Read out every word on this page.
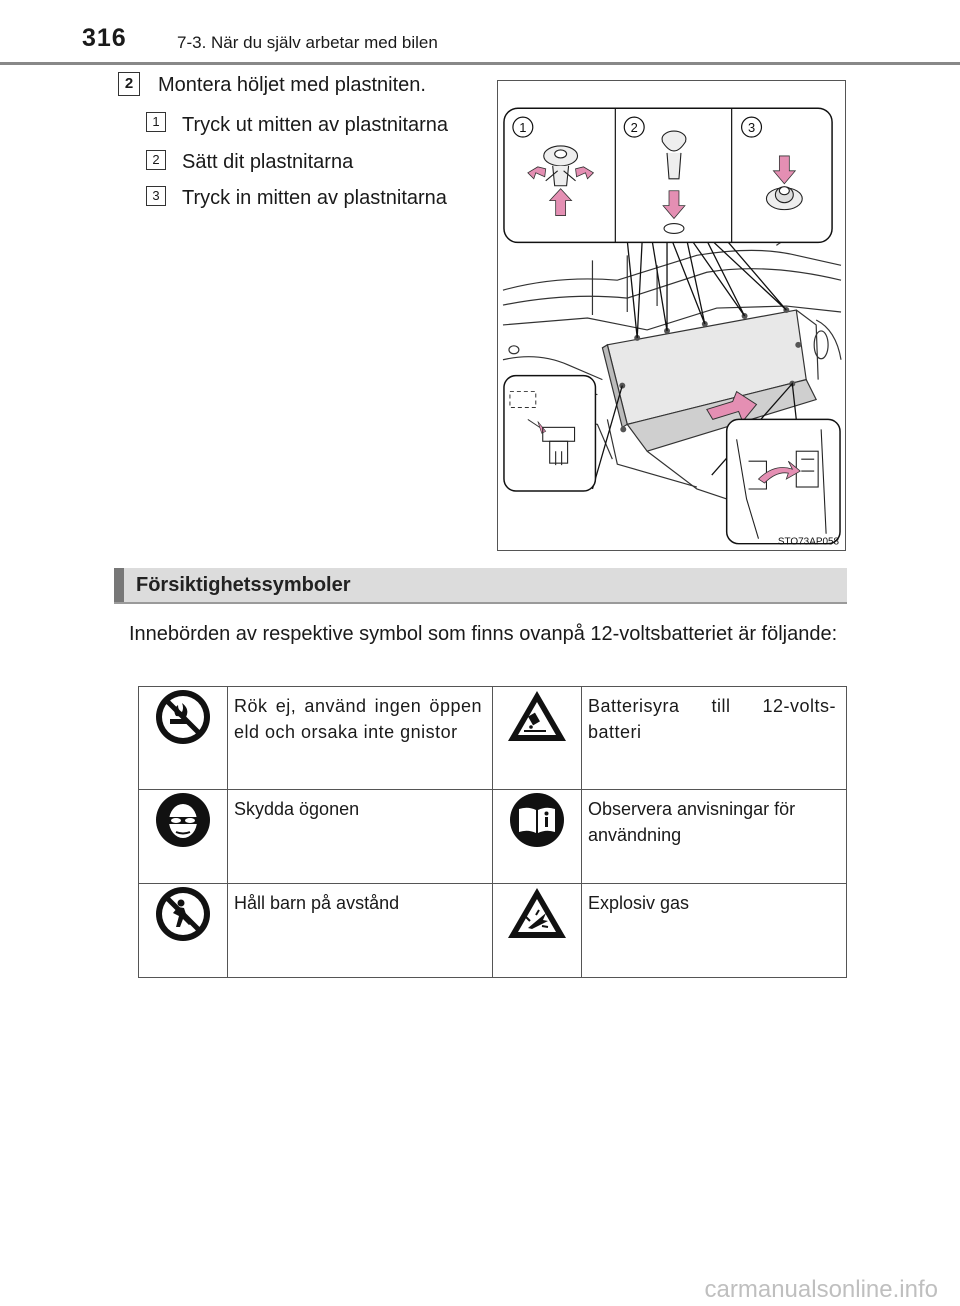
316	7-3. När du själv arbetar med bilen
2	Montera höljet med plastniten.
1	Tryck ut mitten av plastnitarna
2	Sätt dit plastnitarna
3	Tryck in mitten av plastnitarna
1	2	3
STO73AP058
Försiktighetssymboler
Innebörden av respektive symbol som finns ovanpå 12-voltsbatteriet är följande:
	Rök ej, använd ingen öppen eld och orsaka inte gnistor		Batterisyra till 12-volts-batteri

	Skydda ögonen		Observera anvisningar för användning

	Håll barn på avstånd		Explosiv gas
carmanualsonline.info
